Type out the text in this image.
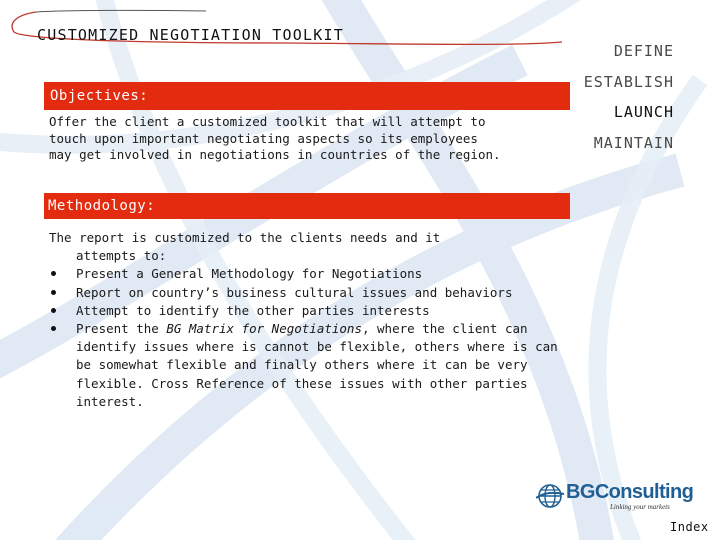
CUSTOMIZED NEGOTIATION TOOLKIT
DEFINE
ESTABLISH
LAUNCH
MAINTAIN
Objectives:
Offer the client a customized toolkit that will attempt to
touch upon important negotiating aspects so its employees
may get involved in negotiations in countries of the region.
Methodology:

The report is customized to the clients needs and it
attempts to:

Present a General Methodology for Negotiations
Report on country’s business cultural issues and behaviors
Attempt to identify the other parties interests
Present the BG Matrix for Negotiations, where the client can identify issues where is cannot be flexible, others where is can be somewhat flexible and finally others where it can be very flexible. Cross Reference of these issues with other parties interest.
BGConsulting
Linking your markets
Index
